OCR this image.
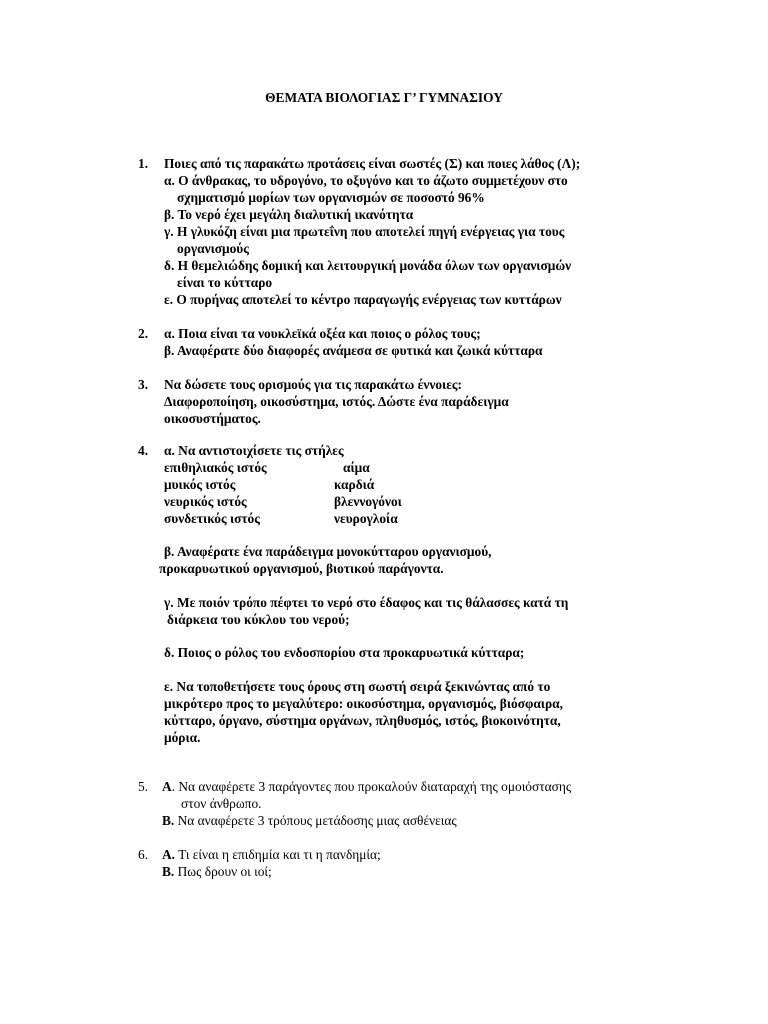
ΘΕΜΑΤΑ ΒΙΟΛΟΓΙΑΣ Γ’ ΓΥΜΝΑΣΙΟΥ
1. Ποιες από τις παρακάτω προτάσεις είναι σωστές (Σ) και ποιες λάθος (Λ);
α. Ο άνθρακας, το υδρογόνο, το οξυγόνο και το άζωτο συμμετέχουν στο
σχηματισμό μορίων των οργανισμών σε ποσοστό 96%
β. Το νερό έχει μεγάλη διαλυτική ικανότητα
γ. Η γλυκόζη είναι μια πρωτεΐνη που αποτελεί πηγή ενέργειας για τους
οργανισμούς
δ. Η θεμελιώδης δομική και λειτουργική μονάδα όλων των οργανισμών
είναι το κύτταρο
ε. Ο πυρήνας αποτελεί το κέντρο παραγωγής ενέργειας των κυττάρων
2. α. Ποια είναι τα νουκλεϊκά οξέα και ποιος ο ρόλος τους;
β. Αναφέρατε δύο διαφορές ανάμεσα σε φυτικά και ζωικά κύτταρα
3. Να δώσετε τους ορισμούς για τις παρακάτω έννοιες:
Διαφοροποίηση, οικοσύστημα, ιστός. Δώστε ένα παράδειγμα
οικοσυστήματος.
4. α. Να αντιστοιχίσετε τις στήλες
επιθηλιακός ιστός
μυικός ιστός
νευρικός ιστός
συνδετικός ιστός
αίμα
καρδιά
βλεννογόνοι
νευρογλοία
β. Αναφέρατε ένα παράδειγμα μονοκύτταρου οργανισμού,
προκαρυωτικού οργανισμού, βιοτικού παράγοντα.
γ. Με ποιόν τρόπο πέφτει το νερό στο έδαφος και τις θάλασσες κατά τη
διάρκεια του κύκλου του νερού;
δ. Ποιος ο ρόλος του ενδοσπορίου στα προκαρυωτικά κύτταρα;
ε. Να τοποθετήσετε τους όρους στη σωστή σειρά ξεκινώντας από το
μικρότερο προς το μεγαλύτερο: οικοσύστημα, οργανισμός, βιόσφαιρα,
κύτταρο, όργανο, σύστημα οργάνων, πληθυσμός, ιστός, βιοκοινότητα,
μόρια.
5. Α. Να αναφέρετε 3 παράγοντες που προκαλούν διαταραχή της ομοιόστασης
στον άνθρωπο.
Β. Να αναφέρετε 3 τρόπους μετάδοσης μιας ασθένειας
6. Α. Τι είναι η επιδημία και τι η πανδημία;
Β. Πως δρουν οι ιοί;
